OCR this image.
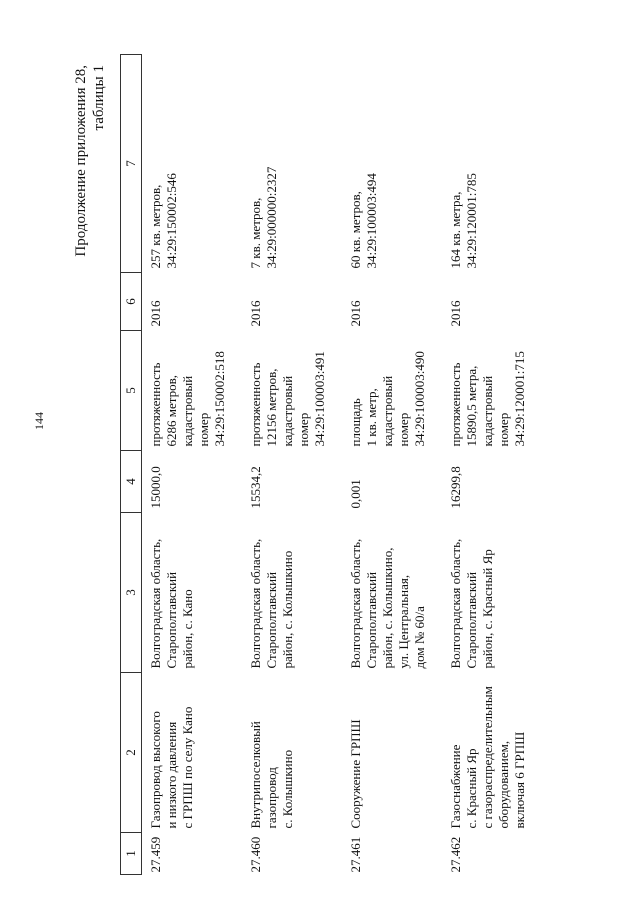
144
Продолжение приложения 28, таблицы 1
1	2	3	4	5	6	7
27.459	Газопровод высокого
и низкого давления
с ГРПШ по селу Кано	Волгоградская область,
Старополтавский
район, с. Кано	15000,0	протяженность
6286 метров,
кадастровый
номер
34:29:150002:518	2016	257 кв. метров,
34:29:150002:546
27.460	Внутрипоселковый
газопровод
с. Колышкино	Волгоградская область,
Старополтавский
район, с. Колышкино	15534,2	протяженность
12156 метров,
кадастровый
номер
34:29:100003:491	2016	7 кв. метров,
34:29:000000:2327
27.461	Сооружение ГРПШ	Волгоградская область,
Старополтавский
район, с. Колышкино,
ул. Центральная,
дом № 60/а	0,001	площадь
1 кв. метр,
кадастровый
номер
34:29:100003:490	2016	60 кв. метров,
34:29:100003:494
27.462	Газоснабжение
с. Красный Яр
с газораспределительным
оборудованием,
включая 6 ГРПШ	Волгоградская область,
Старополтавский
район, с. Красный Яр	16299,8	протяженность
15890,5 метра,
кадастровый
номер
34:29:120001:715	2016	164 кв. метра,
34:29:120001:785
